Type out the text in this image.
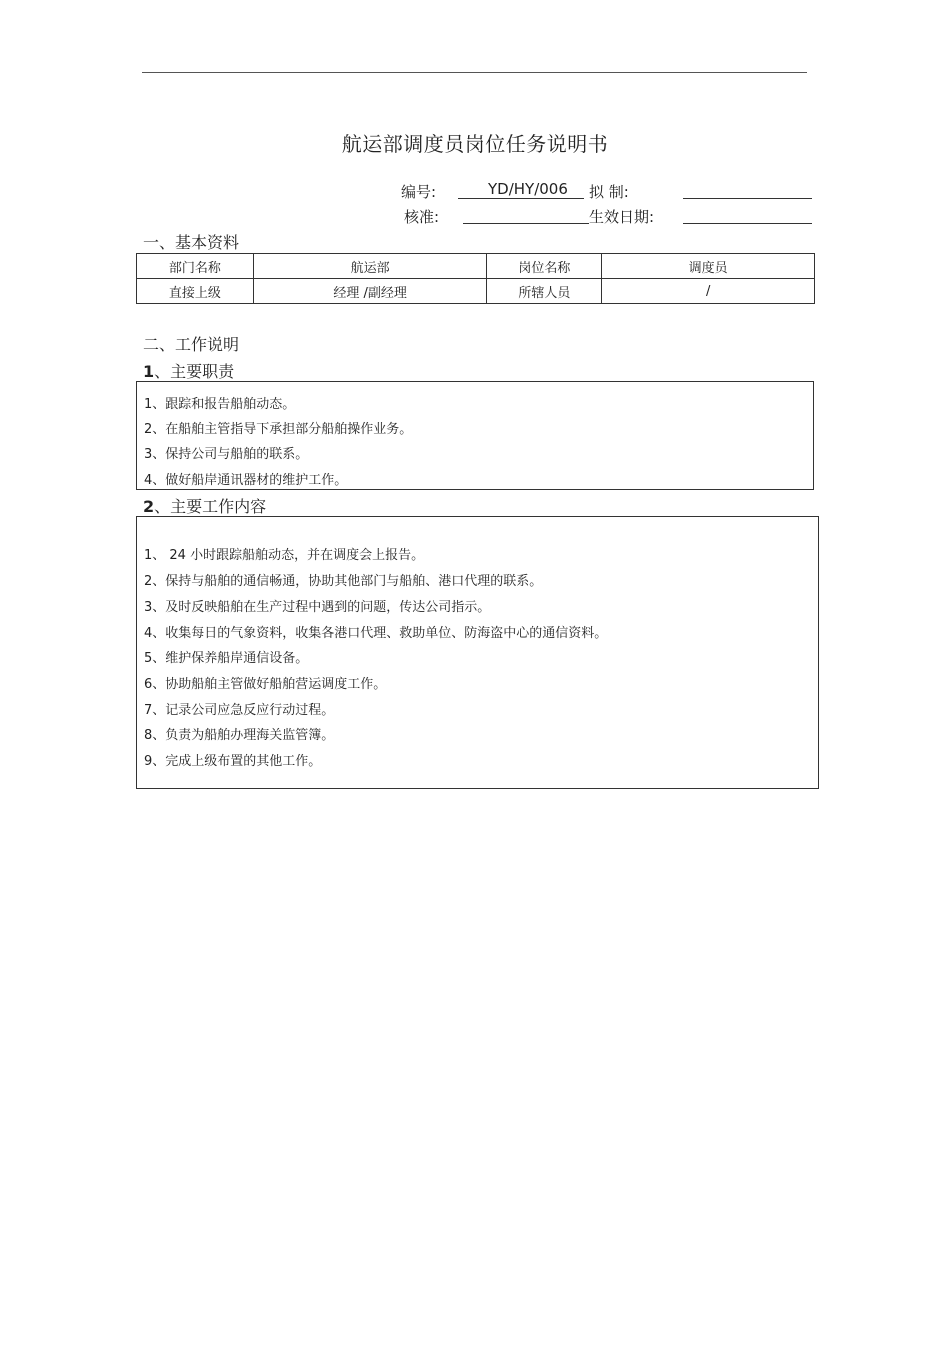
航运部调度员岗位任务说明书
编号:	YD/HY/006 拟 制:
核准:	生效日期:
一、基本资料
部门名称	航运部	岗位名称	调度员
直接上级	经理 /副经理	所辖人员	/
二、工作说明
1、主要职责
1、跟踪和报告船舶动态。
2、在船舶主管指导下承担部分船舶操作业务。
3、保持公司与船舶的联系。
4、做好船岸通讯器材的维护工作。
2、主要工作内容
1、 24 小时跟踪船舶动态，并在调度会上报告。
2、保持与船舶的通信畅通，协助其他部门与船舶、港口代理的联系。
3、及时反映船舶在生产过程中遇到的问题，传达公司指示。
4、收集每日的气象资料，收集各港口代理、救助单位、防海盗中心的通信资料。
5、维护保养船岸通信设备。
6、协助船舶主管做好船舶营运调度工作。
7、记录公司应急反应行动过程。
8、负责为船舶办理海关监管簿。
9、完成上级布置的其他工作。
